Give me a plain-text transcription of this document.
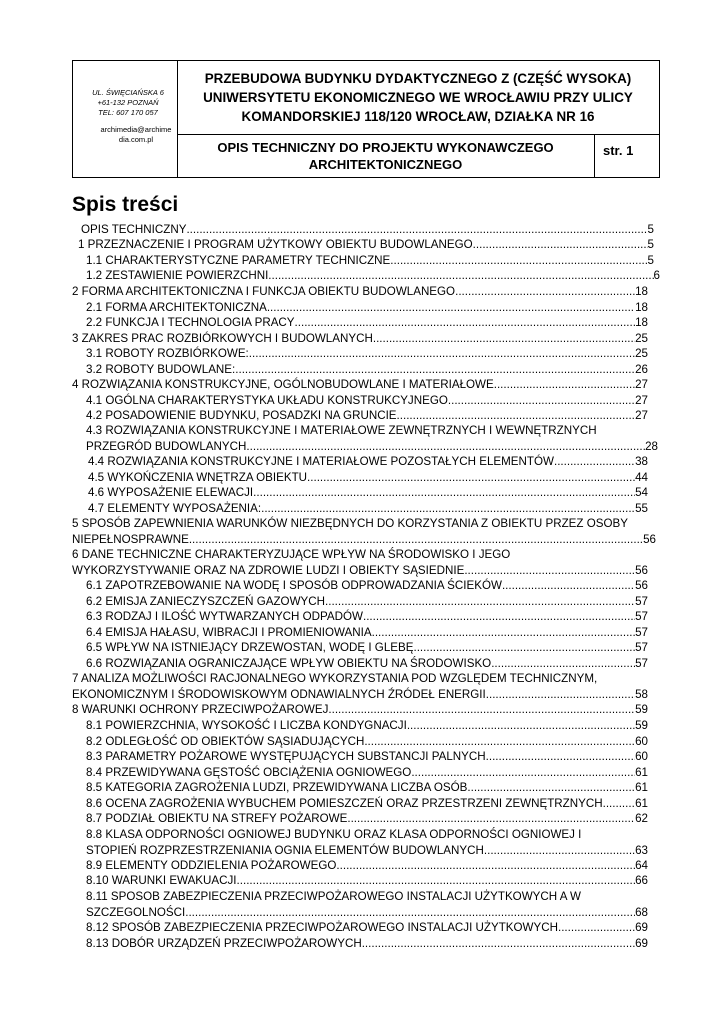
UL. ŚWIĘCIAŃSKA 6
+61-132 POZNAŃ
TEL: 607 170 057
archimedia@archime
dia.com.pl
PRZEBUDOWA BUDYNKU DYDAKTYCZNEGO Z (CZĘŚĆ WYSOKA)
UNIWERSYTETU EKONOMICZNEGO WE WROCŁAWIU PRZY ULICY
KOMANDORSKIEJ 118/120 WROCŁAW, DZIAŁKA NR 16
OPIS TECHNICZNY DO PROJEKTU WYKONAWCZEGO
ARCHITEKTONICZNEGO
str. 1
Spis treści
OPIS TECHNICZNY .....	5
1 PRZEZNACZENIE I PROGRAM UŻYTKOWY OBIEKTU BUDOWLANEGO .....	5
1.1 CHARAKTERYSTYCZNE PARAMETRY TECHNICZNE .....	5
1.2 ZESTAWIENIE POWIERZCHNI .....	6
2 FORMA ARCHITEKTONICZNA I FUNKCJA OBIEKTU BUDOWLANEGO .....	18
2.1 FORMA ARCHITEKTONICZNA .....	18
2.2 FUNKCJA I TECHNOLOGIA PRACY .....	18
3 ZAKRES PRAC ROZBIÓRKOWYCH I BUDOWLANYCH .....	25
3.1 ROBOTY ROZBIÓRKOWE: .....	25
3.2 ROBOTY BUDOWLANE: .....	26
4 ROZWIĄZANIA KONSTRUKCYJNE, OGÓLNOBUDOWLANE I MATERIAŁOWE .....	27
4.1 OGÓLNA CHARAKTERYSTYKA UKŁADU KONSTRUKCYJNEGO .....	27
4.2 POSADOWIENIE BUDYNKU, POSADZKI NA GRUNCIE .....	27
4.3 ROZWIĄZANIA KONSTRUKCYJNE I MATERIAŁOWE ZEWNĘTRZNYCH I WEWNĘTRZNYCH
PRZEGRÓD BUDOWLANYCH .....	28
4.4 ROZWIĄZANIA KONSTRUKCYJNE I MATERIAŁOWE POZOSTAŁYCH ELEMENTÓW .....	38
4.5 WYKOŃCZENIA WNĘTRZA OBIEKTU .....	44
4.6 WYPOSAŻENIE ELEWACJI .....	54
4.7 ELEMENTY WYPOSAŻENIA: .....	55
5 SPOSÓB ZAPEWNIENIA WARUNKÓW NIEZBĘDNYCH DO KORZYSTANIA Z OBIEKTU PRZEZ OSOBY
NIEPEŁNOSPRAWNE .....	56
6 DANE TECHNICZNE CHARAKTERYZUJĄCE WPŁYW NA ŚRODOWISKO I JEGO
WYKORZYSTYWANIE ORAZ NA ZDROWIE LUDZI I OBIEKTY SĄSIEDNIE .....	56
6.1 ZAPOTRZEBOWANIE NA WODĘ I SPOSÓB ODPROWADZANIA ŚCIEKÓW .....	56
6.2 EMISJA ZANIECZYSZCZEŃ GAZOWYCH .....	57
6.3 RODZAJ I ILOŚĆ WYTWARZANYCH ODPADÓW .....	57
6.4 EMISJA HAŁASU, WIBRACJI I PROMIENIOWANIA .....	57
6.5 WPŁYW NA ISTNIEJĄCY DRZEWOSTAN, WODĘ I GLEBĘ .....	57
6.6 ROZWIĄZANIA OGRANICZAJĄCE WPŁYW OBIEKTU NA ŚRODOWISKO .....	57
7 ANALIZA MOŻLIWOŚCI RACJONALNEGO WYKORZYSTANIA POD WZGLĘDEM TECHNICZNYM,
EKONOMICZNYM I ŚRODOWISKOWYM ODNAWIALNYCH ŹRÓDEŁ ENERGII .....	58
8 WARUNKI OCHRONY PRZECIWPOŻAROWEJ .....	59
8.1 POWIERZCHNIA, WYSOKOŚĆ I LICZBA KONDYGNACJI .....	59
8.2 ODLEGŁOŚĆ OD OBIEKTÓW SĄSIADUJĄCYCH .....	60
8.3 PARAMETRY POŻAROWE WYSTĘPUJĄCYCH SUBSTANCJI PALNYCH .....	60
8.4 PRZEWIDYWANA GĘSTOŚĆ OBCIĄŻENIA OGNIOWEGO .....	61
8.5 KATEGORIA ZAGROŻENIA LUDZI, PRZEWIDYWANA LICZBA OSÓB .....	61
8.6 OCENA ZAGROŻENIA WYBUCHEM POMIESZCZEŃ ORAZ PRZESTRZENI ZEWNĘTRZNYCH .....	61
8.7 PODZIAŁ OBIEKTU NA STREFY POŻAROWE .....	62
8.8 KLASA ODPORNOŚCI OGNIOWEJ BUDYNKU ORAZ KLASA ODPORNOŚCI OGNIOWEJ I
STOPIEŃ ROZPRZESTRZENIANIA OGNIA ELEMENTÓW BUDOWLANYCH .....	63
8.9 ELEMENTY ODDZIELENIA POŻAROWEGO .....	64
8.10 WARUNKI EWAKUACJI .....	66
8.11 SPOSOB ZABEZPIECZENIA PRZECIWPOŻAROWEGO INSTALACJI UŻYTKOWYCH A W
SZCZEGOLNOŚCI .....	68
8.12 SPOSÓB ZABEZPIECZENIA PRZECIWPOŻAROWEGO INSTALACJI UŻYTKOWYCH .....	69
8.13 DOBÓR URZĄDZEŃ PRZECIWPOŻAROWYCH .....	69
